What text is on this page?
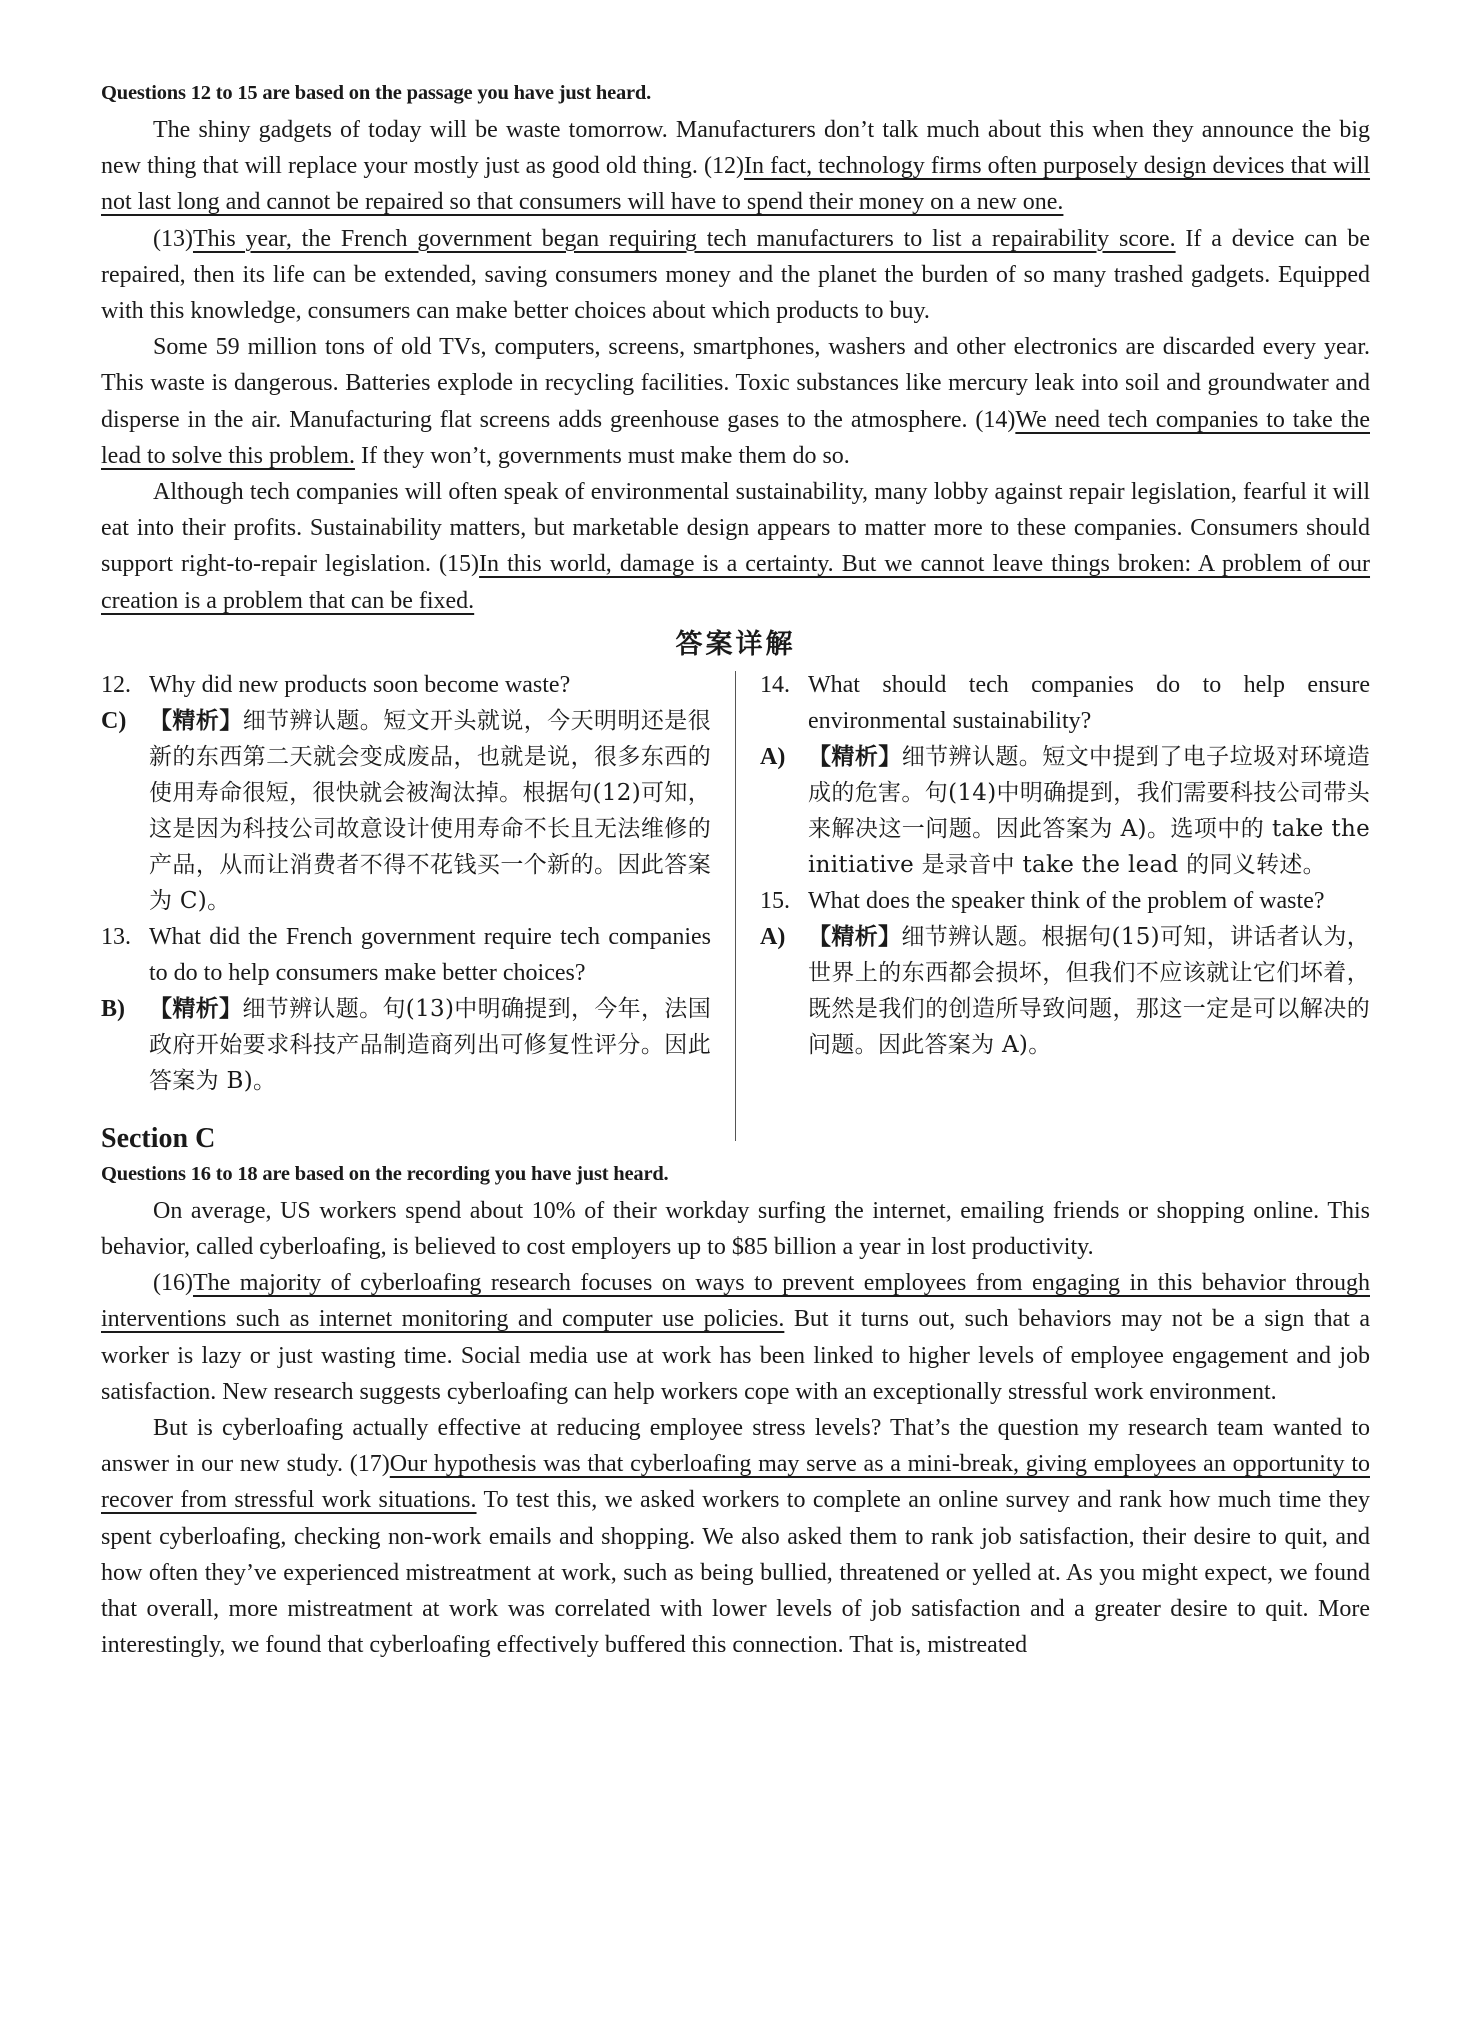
Questions 12 to 15 are based on the passage you have just heard.

The shiny gadgets of today will be waste tomorrow. Manufacturers don’t talk much about this when they announce the big new thing that will replace your mostly just as good old thing. (12)In fact, technology firms often purposely design devices that will not last long and cannot be repaired so that consumers will have to spend their money on a new one.

(13)This year, the French government began requiring tech manufacturers to list a repairability score. If a device can be repaired, then its life can be extended, saving consumers money and the planet the burden of so many trashed gadgets. Equipped with this knowledge, consumers can make better choices about which products to buy.

Some 59 million tons of old TVs, computers, screens, smartphones, washers and other electronics are discarded every year. This waste is dangerous. Batteries explode in recycling facilities. Toxic substances like mercury leak into soil and groundwater and disperse in the air. Manufacturing flat screens adds greenhouse gases to the atmosphere. (14)We need tech companies to take the lead to solve this problem. If they won’t, governments must make them do so.

Although tech companies will often speak of environmental sustainability, many lobby against repair legislation, fearful it will eat into their profits. Sustainability matters, but marketable design appears to matter more to these companies. Consumers should support right-to-repair legislation. (15)In this world, damage is a certainty. But we cannot leave things broken: A problem of our creation is a problem that can be fixed.

答案详解
12. Why did new products soon become waste?
C) 【精析】细节辨认题。短文开头就说，今天明明还是很新的东西第二天就会变成废品，也就是说，很多东西的使用寿命很短，很快就会被淘汰掉。根据句(12)可知，这是因为科技公司故意设计使用寿命不长且无法维修的产品，从而让消费者不得不花钱买一个新的。因此答案为 C)。
13. What did the French government require tech companies to do to help consumers make better choices?
B)	【精析】细节辨认题。句(13)中明确提到，今年，法国政府开始要求科技产品制造商列出可修复性评分。因此答案为 B)。
14. What should tech companies do to help ensure environmental sustainability?
A) 【精析】细节辨认题。短文中提到了电子垃圾对环境造成的危害。句(14)中明确提到，我们需要科技公司带头来解决这一问题。因此答案为 A)。选项中的 take the initiative 是录音中 take the lead 的同义转述。
15. What does the speaker think of the problem of waste?
A) 【精析】细节辨认题。根据句(15)可知，讲话者认为，世界上的东西都会损坏，但我们不应该就让它们坏着，既然是我们的创造所导致问题，那这一定是可以解决的问题。因此答案为 A)。
Section C
Questions 16 to 18 are based on the recording you have just heard.

On average, US workers spend about 10% of their workday surfing the internet, emailing friends or shopping online. This behavior, called cyberloafing, is believed to cost employers up to $85 billion a year in lost productivity.

(16)The majority of cyberloafing research focuses on ways to prevent employees from engaging in this behavior through interventions such as internet monitoring and computer use policies. But it turns out, such behaviors may not be a sign that a worker is lazy or just wasting time. Social media use at work has been linked to higher levels of employee engagement and job satisfaction. New research suggests cyberloafing can help workers cope with an exceptionally stressful work environment.

But is cyberloafing actually effective at reducing employee stress levels? That’s the question my research team wanted to answer in our new study. (17)Our hypothesis was that cyberloafing may serve as a mini-break, giving employees an opportunity to recover from stressful work situations. To test this, we asked workers to complete an online survey and rank how much time they spent cyberloafing, checking non-work emails and shopping. We also asked them to rank job satisfaction, their desire to quit, and how often they’ve experienced mistreatment at work, such as being bullied, threatened or yelled at. As you might expect, we found that overall, more mistreatment at work was correlated with lower levels of job satisfaction and a greater desire to quit. More interestingly, we found that cyberloafing effectively buffered this connection. That is, mistreated
